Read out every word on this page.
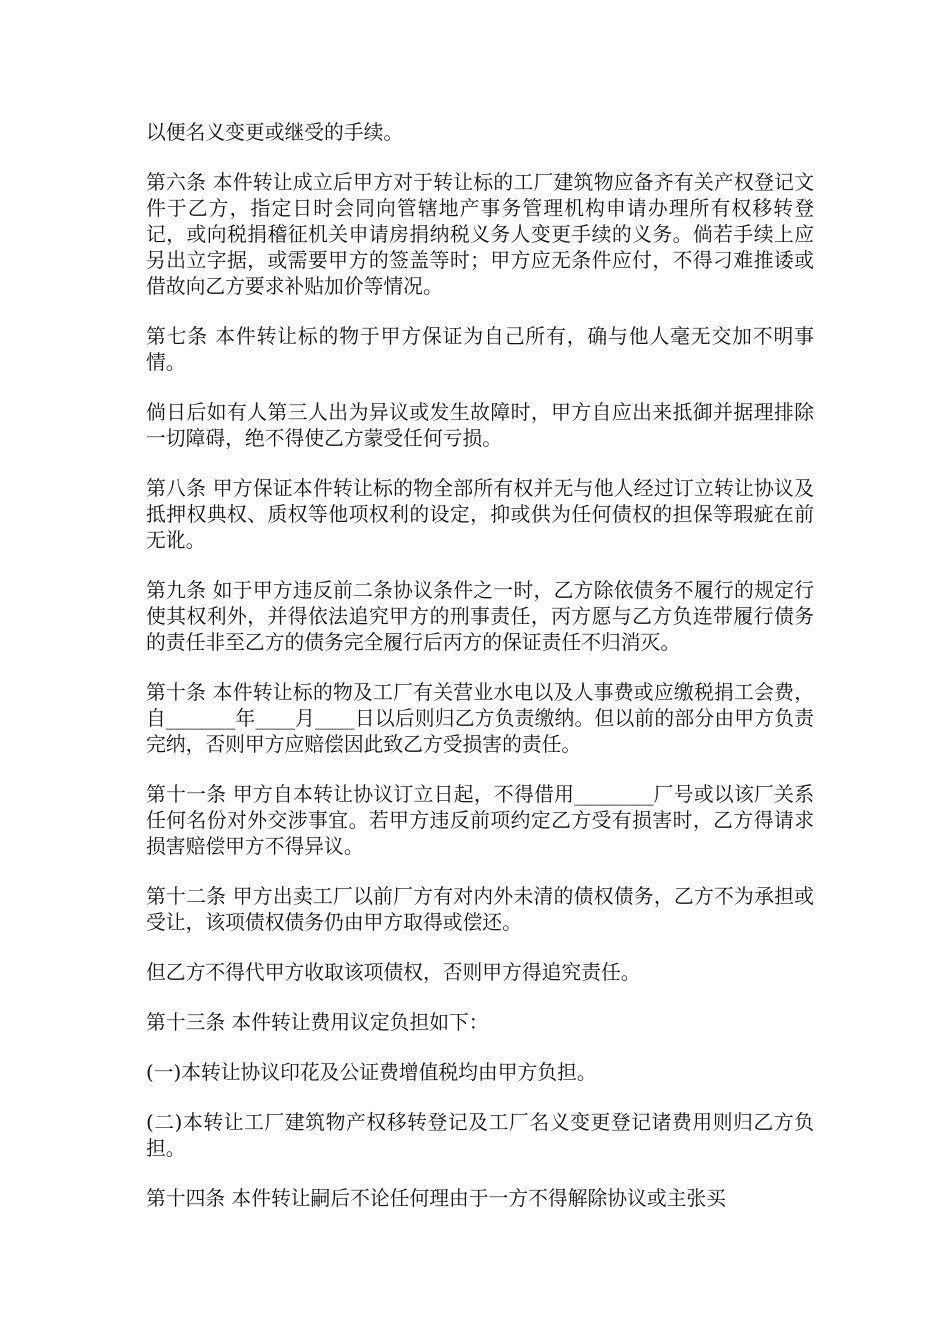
以便名义变更或继受的手续。

第六条 本件转让成立后甲方对于转让标的工厂建筑物应备齐有关产权登记文件于乙方，指定日时会同向管辖地产事务管理机构申请办理所有权移转登记，或向税捐稽征机关申请房捐纳税义务人变更手续的义务。倘若手续上应另出立字据，或需要甲方的签盖等时；甲方应无条件应付，不得刁难推诿或借故向乙方要求补贴加价等情况。

第七条 本件转让标的物于甲方保证为自己所有，确与他人毫无交加不明事情。

倘日后如有人第三人出为异议或发生故障时，甲方自应出来抵御并据理排除一切障碍，绝不得使乙方蒙受任何亏损。

第八条 甲方保证本件转让标的物全部所有权并无与他人经过订立转让协议及抵押权典权、质权等他项权利的设定，抑或供为任何债权的担保等瑕疵在前无讹。

第九条 如于甲方违反前二条协议条件之一时，乙方除依债务不履行的规定行使其权利外，并得依法追究甲方的刑事责任，丙方愿与乙方负连带履行债务的责任非至乙方的债务完全履行后丙方的保证责任不归消灭。

第十条 本件转让标的物及工厂有关营业水电以及人事费或应缴税捐工会费，自_______年____月____日以后则归乙方负责缴纳。但以前的部分由甲方负责完纳，否则甲方应赔偿因此致乙方受损害的责任。

第十一条 甲方自本转让协议订立日起，不得借用________厂号或以该厂关系任何名份对外交涉事宜。若甲方违反前项约定乙方受有损害时，乙方得请求损害赔偿甲方不得异议。

第十二条 甲方出卖工厂以前厂方有对内外未清的债权债务，乙方不为承担或受让，该项债权债务仍由甲方取得或偿还。

但乙方不得代甲方收取该项债权，否则甲方得追究责任。

第十三条 本件转让费用议定负担如下：

(一)本转让协议印花及公证费增值税均由甲方负担。

(二)本转让工厂建筑物产权移转登记及工厂名义变更登记诸费用则归乙方负担。

第十四条 本件转让嗣后不论任何理由于一方不得解除协议或主张买
